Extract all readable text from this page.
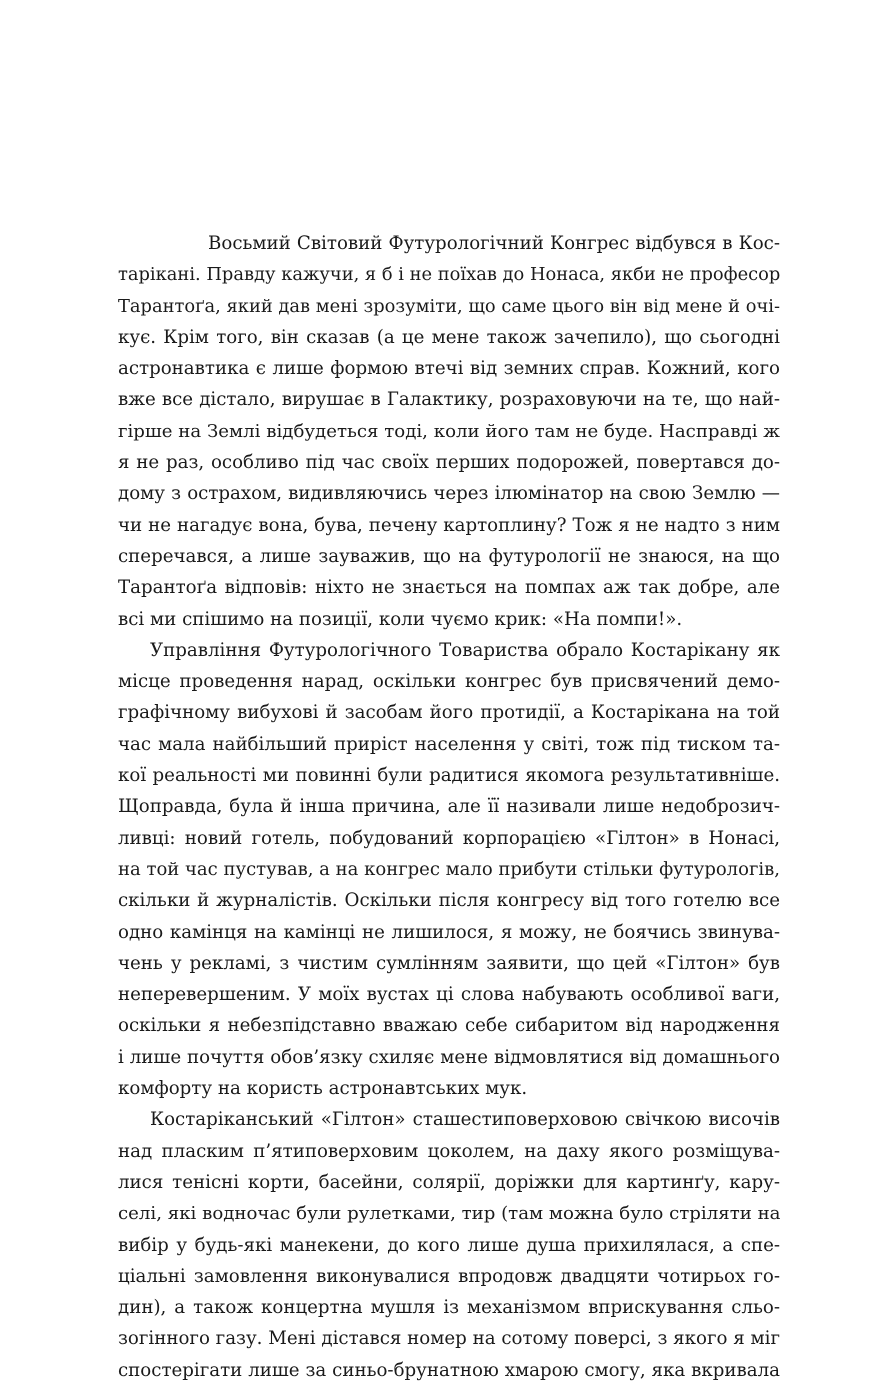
Восьмий Світовий Футурологічний Конгрес відбувся в Кос-
тарікані. Правду кажучи, я б і не поїхав до Нонаса, якби не професор
Тарантоґа, який дав мені зрозуміти, що саме цього він від мене й очі-
кує. Крім того, він сказав (а це мене також зачепило), що сьогодні
астронавтика є лише формою втечі від земних справ. Кожний, кого
вже все дістало, вирушає в Галактику, розраховуючи на те, що най-
гірше на Землі відбудеться тоді, коли його там не буде. Насправді ж
я не раз, особливо під час своїх перших подорожей, повертався до-
дому з острахом, видивляючись через ілюмінатор на свою Землю —
чи не нагадує вона, бува, печену картоплину? Тож я не надто з ним
сперечався, а лише зауважив, що на футурології не знаюся, на що
Тарантоґа відповів: ніхто не знається на помпах аж так добре, але
всі ми спішимо на позиції, коли чуємо крик: «На помпи!».
Управління Футурологічного Товариства обрало Костарікану як
місце проведення нарад, оскільки конгрес був присвячений демо-
графічному вибухові й засобам його протидії, а Костарікана на той
час мала найбільший приріст населення у світі, тож під тиском та-
кої реальності ми повинні були радитися якомога результативніше.
Щоправда, була й інша причина, але її називали лише недоброзич-
ливці: новий готель, побудований корпорацією «Гілтон» в Нонасі,
на той час пустував, а на конгрес мало прибути стільки футурологів,
скільки й журналістів. Оскільки після конгресу від того готелю все
одно камінця на камінці не лишилося, я можу, не боячись звинува-
чень у рекламі, з чистим сумлінням заявити, що цей «Гілтон» був
неперевершеним. У моїх вустах ці слова набувають особливої ваги,
оскільки я небезпідставно вважаю себе сибаритом від народження
і лише почуття обов’язку схиляє мене відмовлятися від домашнього
комфорту на користь астронавтських мук.
Костаріканський «Гілтон» сташестиповерховою свічкою височів
над пласким п’ятиповерховим цоколем, на даху якого розміщува-
лися тенісні корти, басейни, солярії, доріжки для картинґу, кару-
селі, які водночас були рулетками, тир (там можна було стріляти на
вибір у будь-які манекени, до кого лише душа прихилялася, а спе-
ціальні замовлення виконувалися впродовж двадцяти чотирьох го-
дин), а також концертна мушля із механізмом вприскування сльо-
зогінного газу. Мені дістався номер на сотому поверсі, з якого я міг
спостерігати лише за синьо-брунатною хмарою смогу, яка вкривала
